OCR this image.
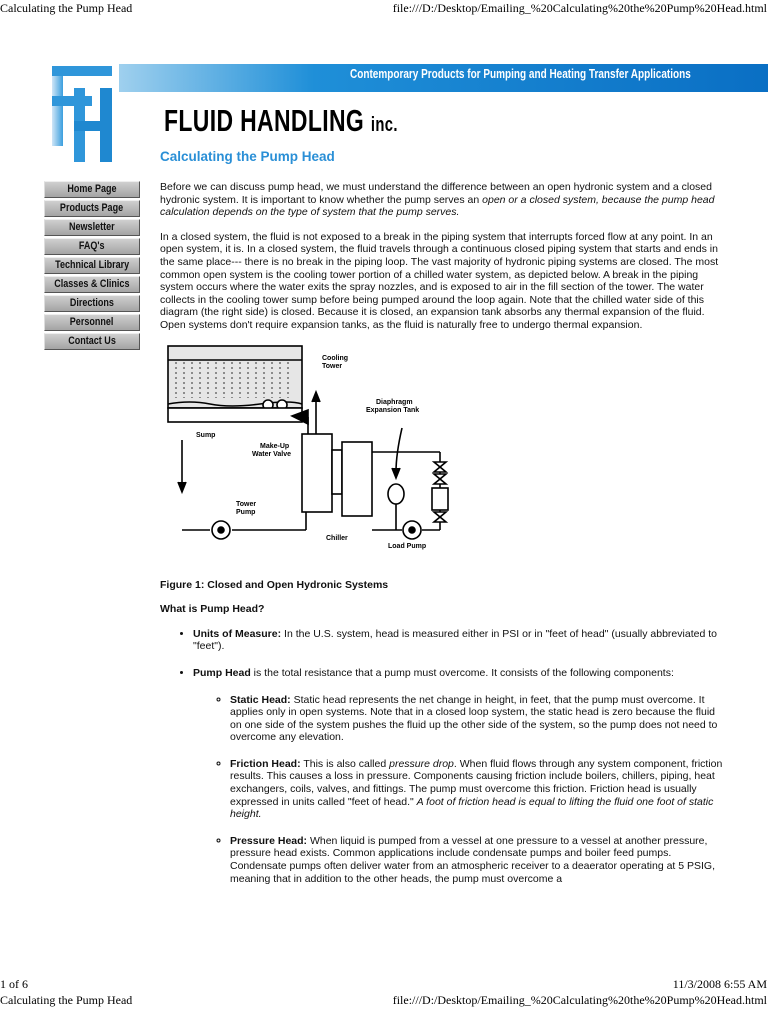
Calculating the Pump Head	file:///D:/Desktop/Emailing_%20Calculating%20the%20Pump%20Head.html
Contemporary Products for Pumping and Heating Transfer Applications
FLUID HANDLING inc.
Home Page
Products Page
Newsletter
FAQ's
Technical Library
Classes & Clinics
Directions
Personnel
Contact Us
Calculating the Pump Head

Before we can discuss pump head, we must understand the difference between an open hydronic system and a closed hydronic system. It is important to know whether the pump serves an open or a closed system, because the pump head calculation depends on the type of system that the pump serves.

In a closed system, the fluid is not exposed to a break in the piping system that interrupts forced flow at any point. In an open system, it is. In a closed system, the fluid travels through a continuous closed piping system that starts and ends in the same place--- there is no break in the piping loop. The vast majority of hydronic piping systems are closed. The most common open system is the cooling tower portion of a chilled water system, as depicted below. A break in the piping system occurs where the water exits the spray nozzles, and is exposed to air in the fill section of the tower. The water collects in the cooling tower sump before being pumped around the loop again. Note that the chilled water side of this diagram (the right side) is closed. Because it is closed, an expansion tank absorbs any thermal expansion of the fluid. Open systems don't require expansion tanks, as the fluid is naturally free to undergo thermal expansion.

Cooling
Tower
Diaphragm
Expansion Tank
Sump
Make-Up
Water Valve
Tower
Pump
Chiller
Load Pump

Figure 1: Closed and Open Hydronic Systems

What is Pump Head?

• Units of Measure: In the U.S. system, head is measured either in PSI or in "feet of head" (usually abbreviated to "feet").
• Pump Head is the total resistance that a pump must overcome. It consists of the following components:
◦ Static Head: Static head represents the net change in height, in feet, that the pump must overcome. It applies only in open systems. Note that in a closed loop system, the static head is zero because the fluid on one side of the system pushes the fluid up the other side of the system, so the pump does not need to overcome any elevation.
◦ Friction Head: This is also called pressure drop. When fluid flows through any system component, friction results. This causes a loss in pressure. Components causing friction include boilers, chillers, piping, heat exchangers, coils, valves, and fittings. The pump must overcome this friction. Friction head is usually expressed in units called "feet of head." A foot of friction head is equal to lifting the fluid one foot of static height.
◦ Pressure Head: When liquid is pumped from a vessel at one pressure to a vessel at another pressure, pressure head exists. Common applications include condensate pumps and boiler feed pumps. Condensate pumps often deliver water from an atmospheric receiver to a deaerator operating at 5 PSIG, meaning that in addition to the other heads, the pump must overcome a
1 of 6	11/3/2008 6:55 AM
Calculating the Pump Head	file:///D:/Desktop/Emailing_%20Calculating%20the%20Pump%20Head.html
